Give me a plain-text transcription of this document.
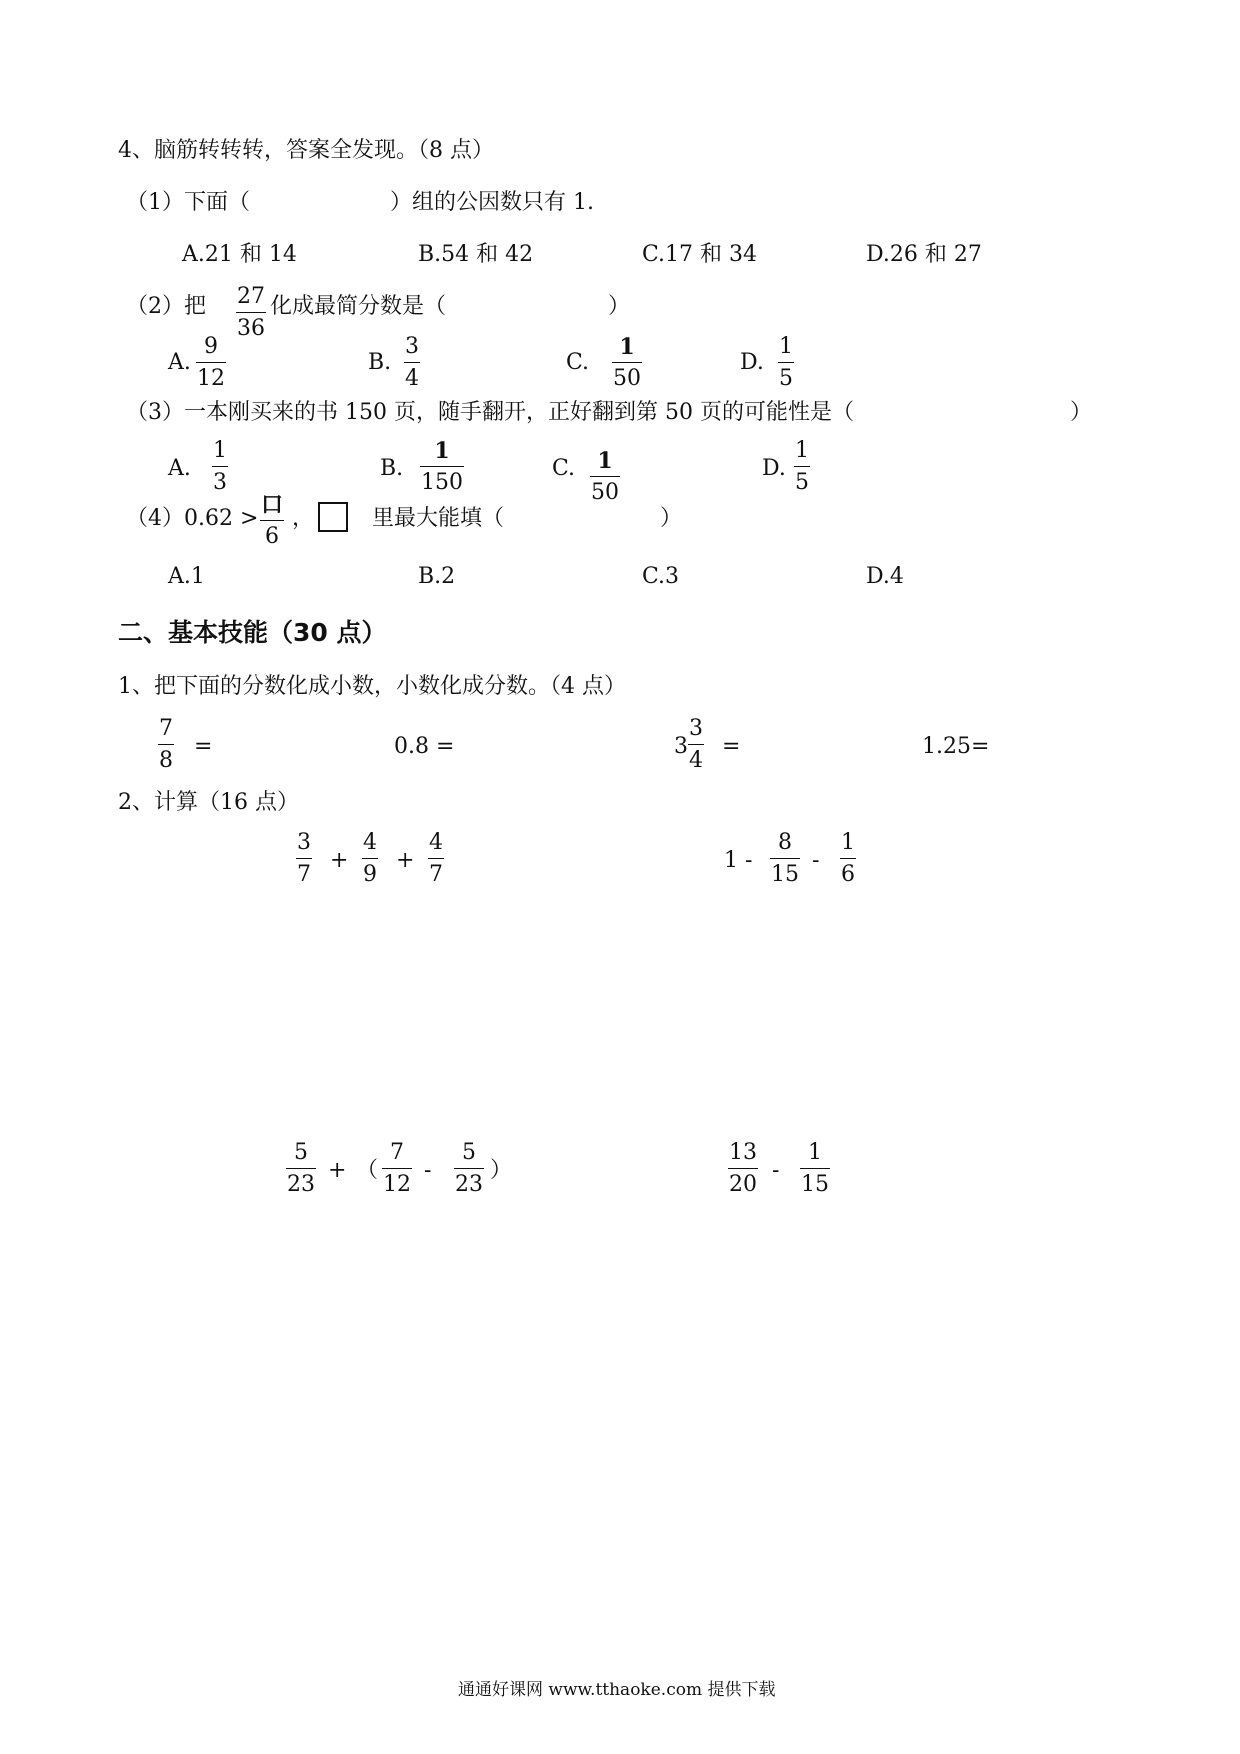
4、脑筋转转转，答案全发现。（8 点）
（1）下面（	）组的公因数只有 1.
A.21 和 14	B.54 和 42	C.17 和 34	D.26 和 27
（2）把 $\frac{27}{36}$ 化成最简分数是（	）
A. $\frac{9}{12}$	B. $\frac{3}{4}$	C. $\frac{1}{50}$	D. $\frac{1}{5}$
（3）一本刚买来的书 150 页，随手翻开，正好翻到第 50 页的可能性是（	）
A. $\frac{1}{3}$	B. $\frac{1}{150}$	C. $\frac{1}{50}$	D. $\frac{1}{5}$
（4）0.62 >
口
6
，	里最大能填（	）
A.1	B.2	C.3	D.4
二、基本技能（30 点）
1、把下面的分数化成小数，小数化成分数。（4 点）
$\frac{7}{8}$ =	0.8 =	$3 \frac{3}{4}$ =	1.25=
2、计算（16 点）
$\frac{3}{7} + \frac{4}{9} + \frac{4}{7}$	$1 - \frac{8}{15} - \frac{1}{6}$
$\frac{5}{23}$ + （ $\frac{7}{12} - \frac{5}{23}$ ）	$\frac{13}{20} - \frac{1}{15}$
通通好课网 www.tthaoke.com 提供下载
